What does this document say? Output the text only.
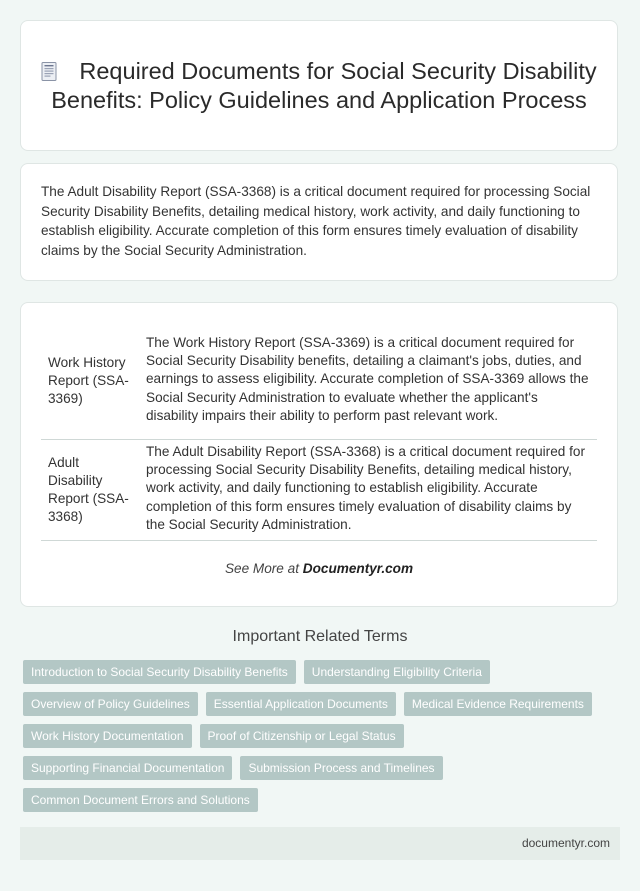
Required Documents for Social Security Disability Benefits: Policy Guidelines and Application Process

The Adult Disability Report (SSA-3368) is a critical document required for processing Social Security Disability Benefits, detailing medical history, work activity, and daily functioning to establish eligibility. Accurate completion of this form ensures timely evaluation of disability claims by the Social Security Administration.

Work History Report (SSA-3369)	The Work History Report (SSA-3369) is a critical document required for Social Security Disability benefits, detailing a claimant's jobs, duties, and earnings to assess eligibility. Accurate completion of SSA-3369 allows the Social Security Administration to evaluate whether the applicant's disability impairs their ability to perform past relevant work.
Adult Disability Report (SSA-3368)	The Adult Disability Report (SSA-3368) is a critical document required for processing Social Security Disability Benefits, detailing medical history, work activity, and daily functioning to establish eligibility. Accurate completion of this form ensures timely evaluation of disability claims by the Social Security Administration.
See More at Documentyr.com
Important Related Terms
Introduction to Social Security Disability Benefits	Understanding Eligibility Criteria
Overview of Policy Guidelines	Essential Application Documents	Medical Evidence Requirements
Work History Documentation	Proof of Citizenship or Legal Status
Supporting Financial Documentation	Submission Process and Timelines
Common Document Errors and Solutions
documentyr.com
